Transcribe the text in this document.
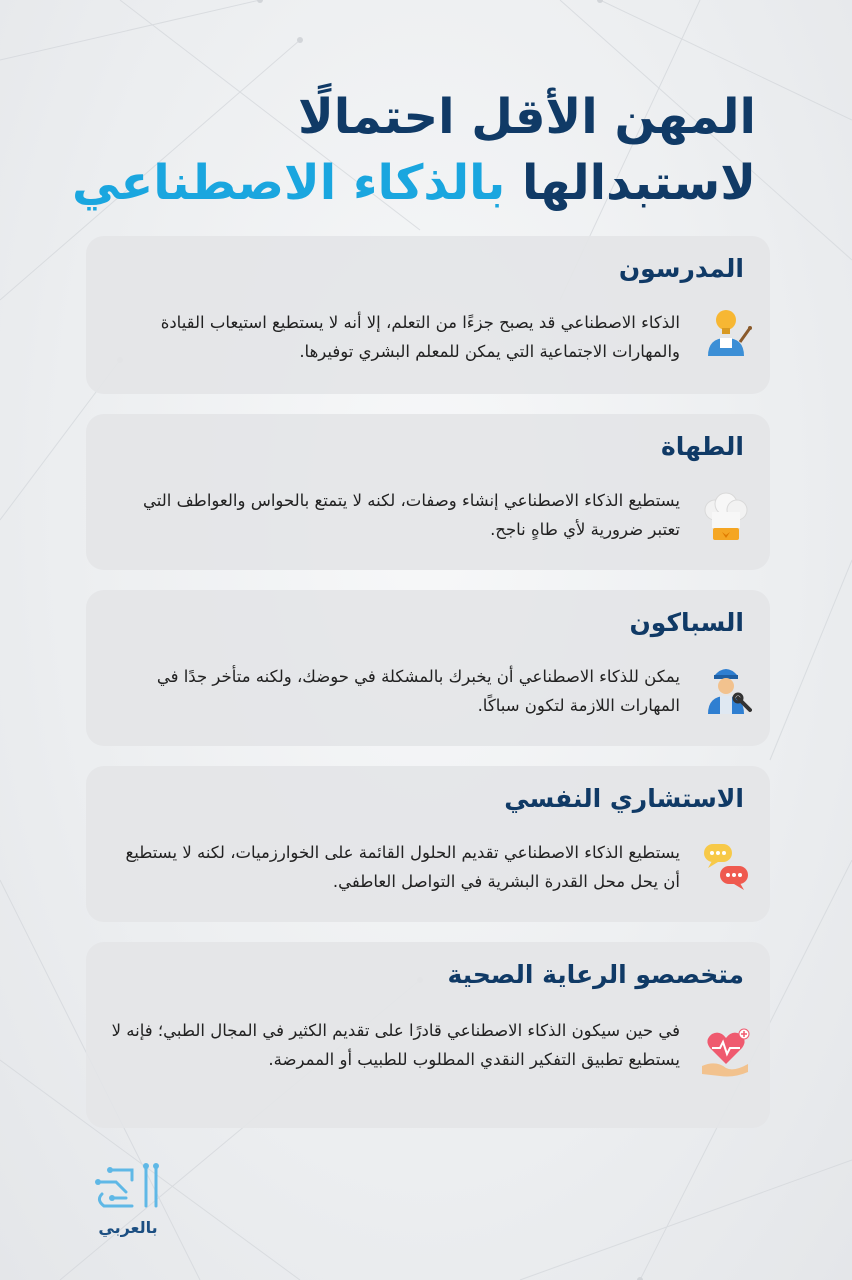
المهن الأقل احتمالًا
لاستبدالها بالذكاء الاصطناعي
المدرسون
الذكاء الاصطناعي قد يصبح جزءًا من التعلم، إلا أنه لا يستطيع استيعاب القيادة والمهارات الاجتماعية التي يمكن للمعلم البشري توفيرها.
الطهاة
يستطيع الذكاء الاصطناعي إنشاء وصفات، لكنه لا يتمتع بالحواس والعواطف التي تعتبر ضرورية لأي طاهٍ ناجح.
السباكون
يمكن للذكاء الاصطناعي أن يخبرك بالمشكلة في حوضك، ولكنه متأخر جدًا في المهارات اللازمة لتكون سباكًا.
الاستشاري النفسي
يستطيع الذكاء الاصطناعي تقديم الحلول القائمة على الخوارزميات، لكنه لا يستطيع أن يحل محل القدرة البشرية في التواصل العاطفي.
متخصصو الرعاية الصحية
في حين سيكون الذكاء الاصطناعي قادرًا على تقديم الكثير في المجال الطبي؛ فإنه لا يستطيع تطبيق التفكير النقدي المطلوب للطبيب أو الممرضة.
بالعربي
